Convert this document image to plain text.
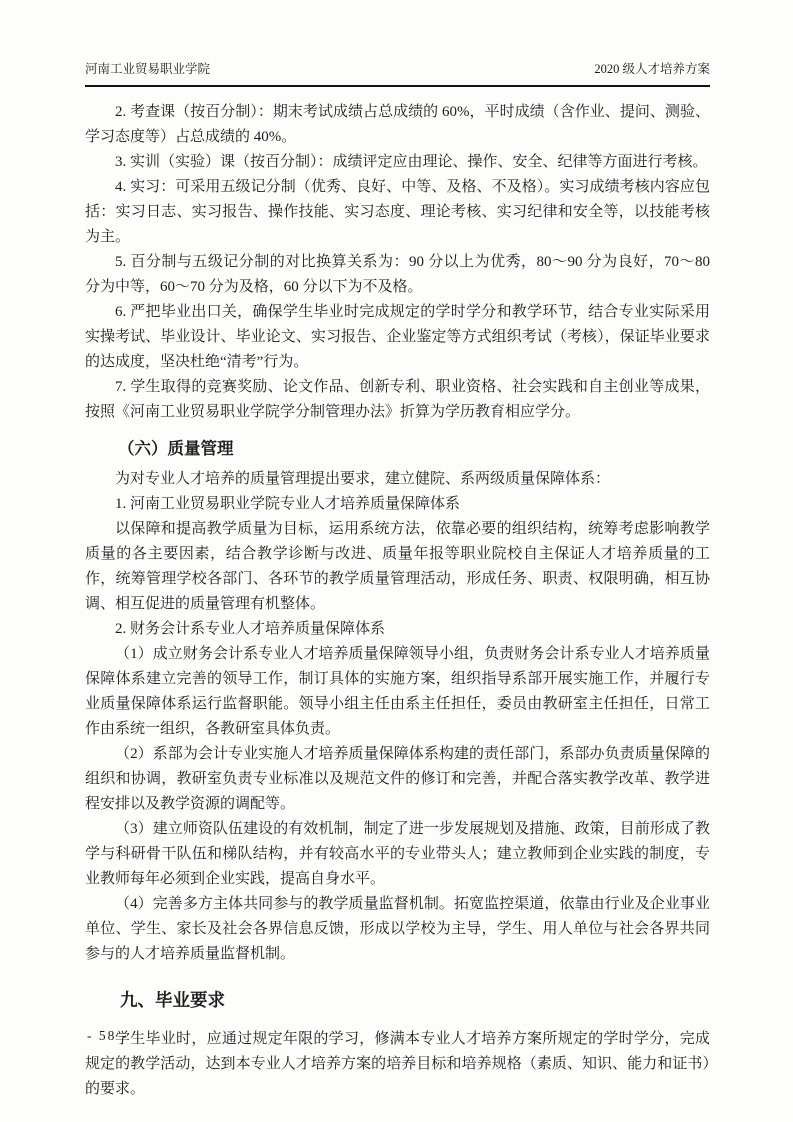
河南工业贸易职业学院	2020 级人才培养方案
2. 考查课（按百分制）：期末考试成绩占总成绩的 60%，平时成绩（含作业、提问、测验、学习态度等）占总成绩的 40%。
3. 实训（实验）课（按百分制）：成绩评定应由理论、操作、安全、纪律等方面进行考核。
4. 实习：可采用五级记分制（优秀、良好、中等、及格、不及格）。实习成绩考核内容应包括：实习日志、实习报告、操作技能、实习态度、理论考核、实习纪律和安全等，以技能考核为主。
5. 百分制与五级记分制的对比换算关系为：90 分以上为优秀，80～90 分为良好，70～80 分为中等，60～70 分为及格，60 分以下为不及格。
6. 严把毕业出口关，确保学生毕业时完成规定的学时学分和教学环节，结合专业实际采用实操考试、毕业设计、毕业论文、实习报告、企业鉴定等方式组织考试（考核），保证毕业要求的达成度，坚决杜绝“清考”行为。
7. 学生取得的竞赛奖励、论文作品、创新专利、职业资格、社会实践和自主创业等成果，按照《河南工业贸易职业学院学分制管理办法》折算为学历教育相应学分。
（六）质量管理
为对专业人才培养的质量管理提出要求，建立健院、系两级质量保障体系：
1. 河南工业贸易职业学院专业人才培养质量保障体系
以保障和提高教学质量为目标，运用系统方法，依靠必要的组织结构，统筹考虑影响教学质量的各主要因素，结合教学诊断与改进、质量年报等职业院校自主保证人才培养质量的工作，统筹管理学校各部门、各环节的教学质量管理活动，形成任务、职责、权限明确，相互协调、相互促进的质量管理有机整体。
2. 财务会计系专业人才培养质量保障体系
（1）成立财务会计系专业人才培养质量保障领导小组，负责财务会计系专业人才培养质量保障体系建立完善的领导工作，制订具体的实施方案，组织指导系部开展实施工作，并履行专业质量保障体系运行监督职能。领导小组主任由系主任担任，委员由教研室主任担任，日常工作由系统一组织，各教研室具体负责。
（2）系部为会计专业实施人才培养质量保障体系构建的责任部门，系部办负责质量保障的组织和协调，教研室负责专业标准以及规范文件的修订和完善，并配合落实教学改革、教学进程安排以及教学资源的调配等。
（3）建立师资队伍建设的有效机制，制定了进一步发展规划及措施、政策，目前形成了教学与科研骨干队伍和梯队结构，并有较高水平的专业带头人；建立教师到企业实践的制度，专业教师每年必须到企业实践，提高自身水平。
（4）完善多方主体共同参与的教学质量监督机制。拓宽监控渠道，依靠由行业及企业事业单位、学生、家长及社会各界信息反馈，形成以学校为主导，学生、用人单位与社会各界共同参与的人才培养质量监督机制。
九、毕业要求
学生毕业时，应通过规定年限的学习，修满本专业人才培养方案所规定的学时学分，完成规定的教学活动，达到本专业人才培养方案的培养目标和培养规格（素质、知识、能力和证书）的要求。
- 58 -
